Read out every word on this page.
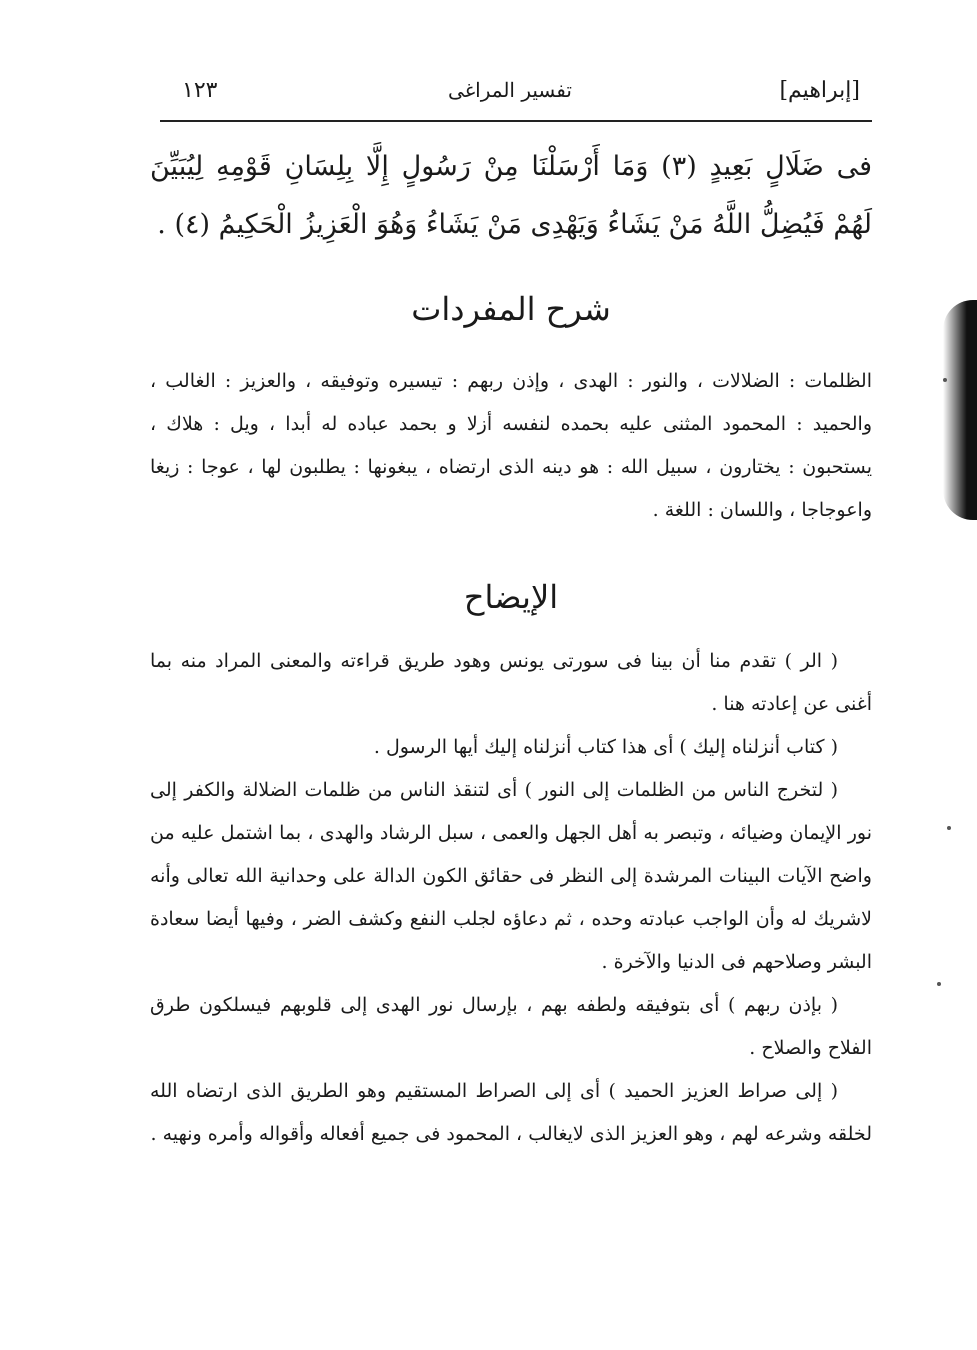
[إبراهيم]
تفسير المراغى
١٢٣
فى ضَلَالٍ بَعِيدٍ (٣) وَمَا أَرْسَلْنَا مِنْ رَسُولٍ إِلَّا بِلِسَانِ قَوْمِهِ لِيُبَيِّنَ لَهُمْ فَيُضِلُّ اللَّهُ مَنْ يَشَاءُ وَيَهْدِى مَنْ يَشَاءُ وَهُوَ الْعَزِيزُ الْحَكِيمُ (٤) .
شرح المفردات
الظلمات : الضلالات ، والنور : الهدى ، وإذن ربهم : تيسيره وتوفيقه ، والعزيز : الغالب ، والحميد : المحمود المثنى عليه بحمده لنفسه أزلا و بحمد عباده له أبدا ، ويل : هلاك ، يستحبون : يختارون ، سبيل الله : هو دينه الذى ارتضاه ، يبغونها : يطلبون لها ، عوجا : زيغا واعوجاجا ، واللسان : اللغة .
الإيضاح

( الر ) تقدم منا أن بينا فى سورتى يونس وهود طريق قراءته والمعنى المراد منه بما أغنى عن إعادته هنا .

( كتاب أنزلناه إليك ) أى هذا كتاب أنزلناه إليك أيها الرسول .

( لتخرج الناس من الظلمات إلى النور ) أى لتنقذ الناس من ظلمات الضلالة والكفر إلى نور الإيمان وضيائه ، وتبصر به أهل الجهل والعمى ، سبل الرشاد والهدى ، بما اشتمل عليه من واضح الآيات البينات المرشدة إلى النظر فى حقائق الكون الدالة على وحدانية الله تعالى وأنه لاشريك له وأن الواجب عبادته وحده ، ثم دعاؤه لجلب النفع وكشف الضر ، وفيها أيضا سعادة البشر وصلاحهم فى الدنيا والآخرة .

( بإذن ربهم ) أى بتوفيقه ولطفه بهم ، بإرسال نور الهدى إلى قلوبهم فيسلكون طرق الفلاح والصلاح .

( إلى صراط العزيز الحميد ) أى إلى الصراط المستقيم وهو الطريق الذى ارتضاه الله لخلقه وشرعه لهم ، وهو العزيز الذى لايغالب ، المحمود فى جميع أفعاله وأقواله وأمره ونهيه .
